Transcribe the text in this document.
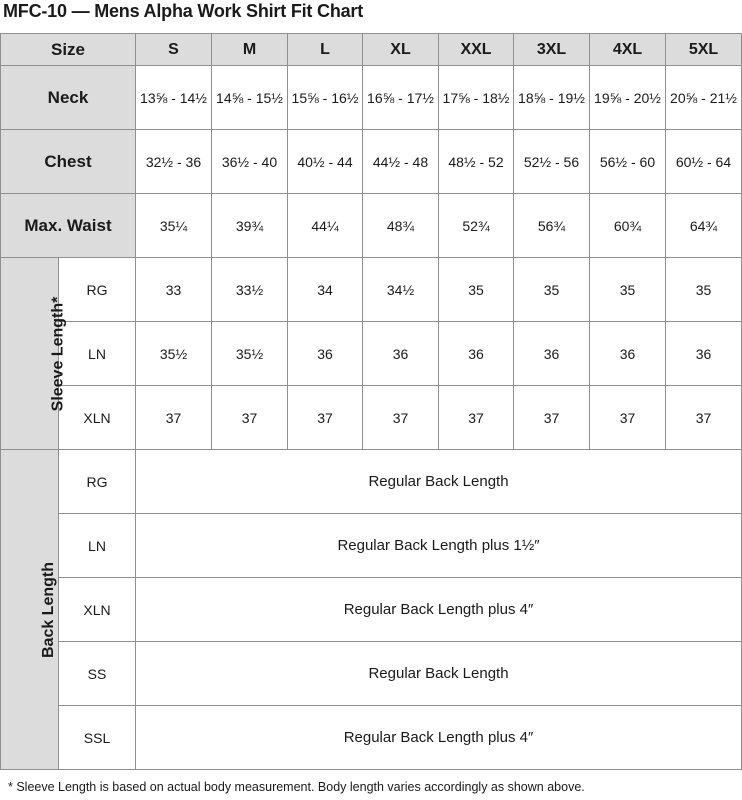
MFC-10 — Mens Alpha Work Shirt Fit Chart
Size		S	M	L	XL	XXL	3XL	4XL	5XL
Neck		13⅝ - 14½	14⅝ - 15½	15⅝ - 16½	16⅝ - 17½	17⅝ - 18½	18⅝ - 19½	19⅝ - 20½	20⅝ - 21½
Chest		32½ - 36	36½ - 40	40½ - 44	44½ - 48	48½ - 52	52½ - 56	56½ - 60	60½ - 64
Max. Waist		35¼	39¾	44¼	48¾	52¾	56¾	60¾	64¾
Sleeve Length*	RG	33	33½	34	34½	35	35	35	35
	LN	35½	35½	36	36	36	36	36	36
	XLN	37	37	37	37	37	37	37	37
Back Length	RG	Regular Back Length							
	LN	Regular Back Length plus 1½″							
	XLN	Regular Back Length plus 4″							
	SS	Regular Back Length							
	SSL	Regular Back Length plus 4″							
* Sleeve Length is based on actual body measurement. Body length varies accordingly as shown above.
